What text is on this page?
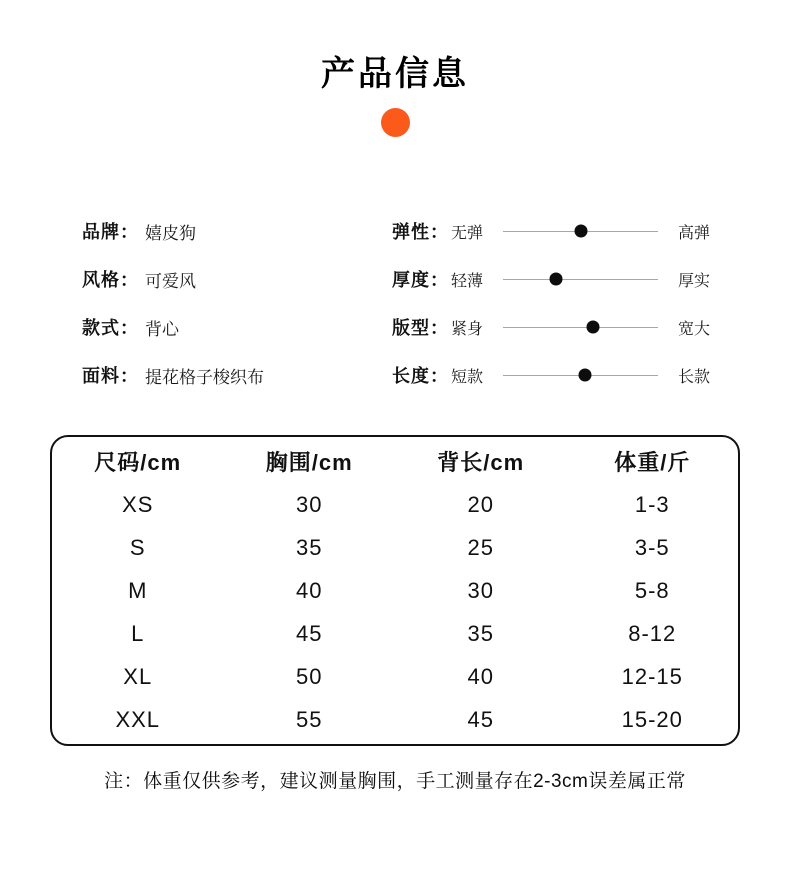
产品信息
品牌： 嬉皮狗
风格： 可爱风
款式： 背心
面料： 提花格子梭织布
弹性： 无弹	高弹
厚度： 轻薄	厚实
版型： 紧身	宽大
长度： 短款	长款
尺码/cm	胸围/cm	背长/cm	体重/斤
XS	30	20	1-3
S	35	25	3-5
M	40	30	5-8
L	45	35	8-12
XL	50	40	12-15
XXL	55	45	15-20

注：体重仅供参考，建议测量胸围，手工测量存在2-3cm误差属正常
